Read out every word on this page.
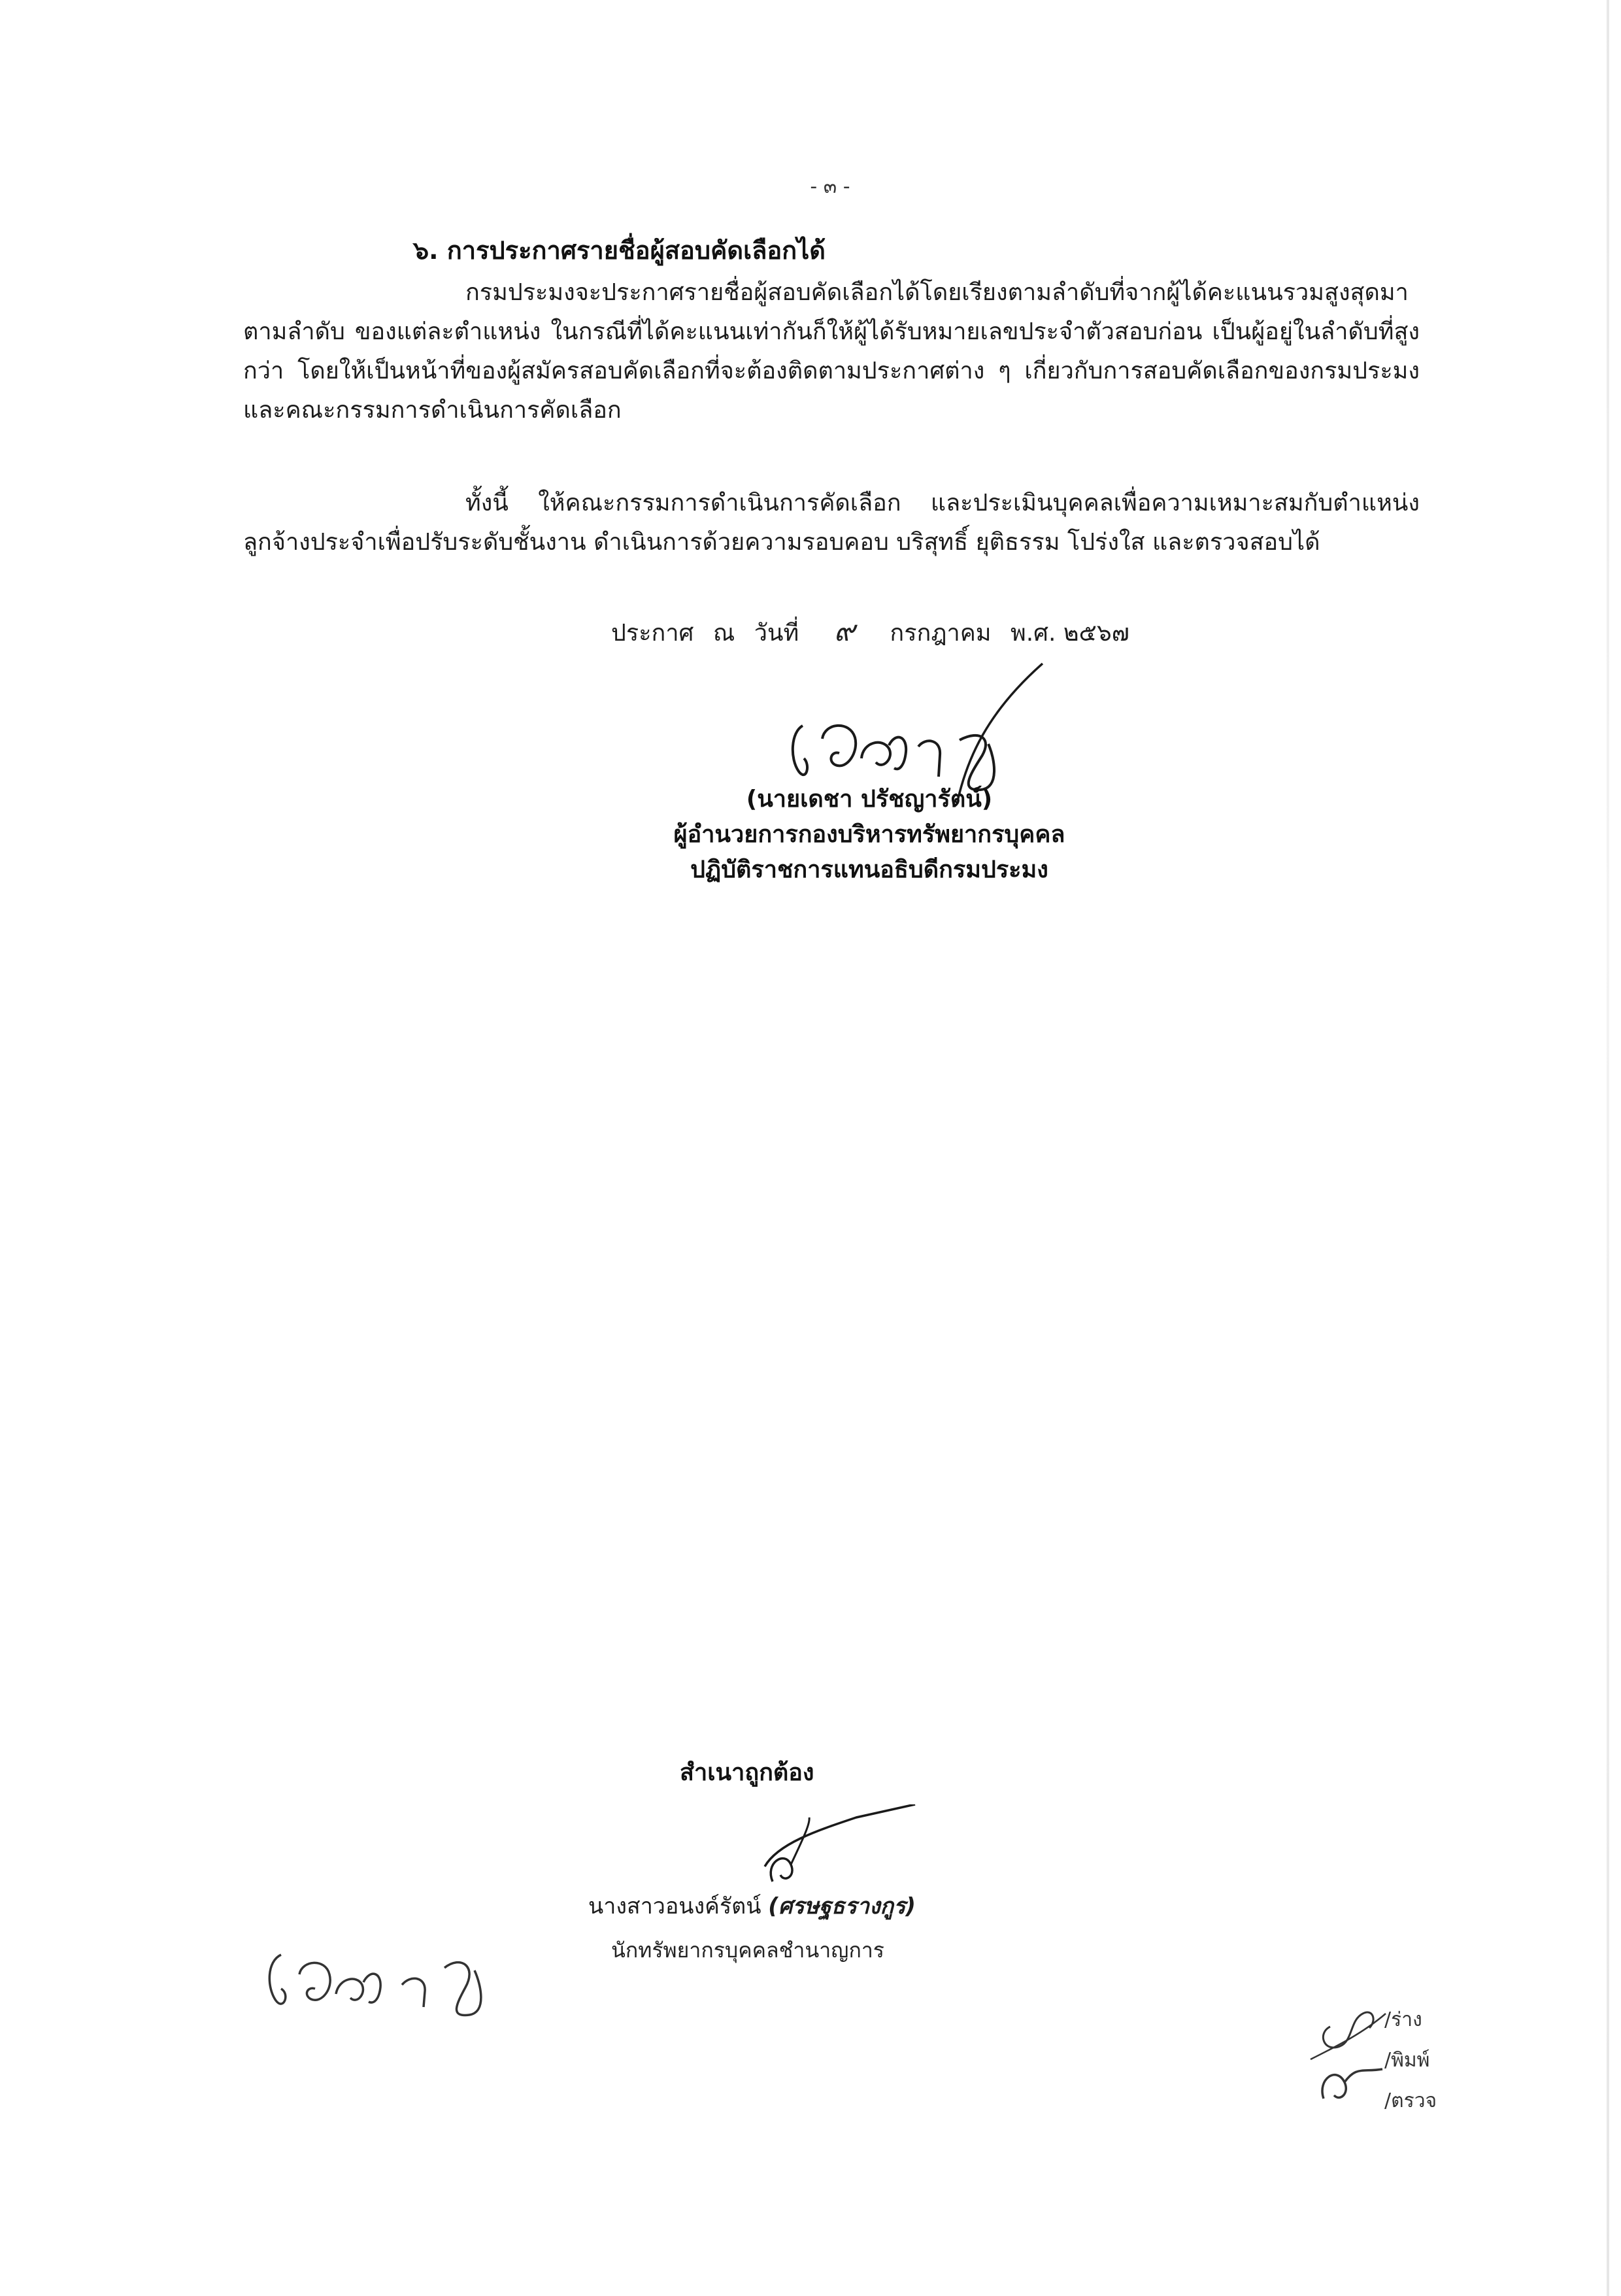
- ๓ -
๖. การประกาศรายชื่อผู้สอบคัดเลือกได้
กรมประมงจะประกาศรายชื่อผู้สอบคัดเลือกได้โดยเรียงตามลำดับที่จากผู้ได้คะแนนรวมสูงสุดมาตามลำดับ ของแต่ละตำแหน่ง ในกรณีที่ได้คะแนนเท่ากันก็ให้ผู้ได้รับหมายเลขประจำตัวสอบก่อน เป็นผู้อยู่ในลำดับที่สูงกว่า โดยให้เป็นหน้าที่ของผู้สมัครสอบคัดเลือกที่จะต้องติดตามประกาศต่าง ๆ เกี่ยวกับการสอบคัดเลือกของกรมประมง และคณะกรรมการดำเนินการคัดเลือก
ทั้งนี้ ให้คณะกรรมการดำเนินการคัดเลือก และประเมินบุคคลเพื่อความเหมาะสมกับตำแหน่งลูกจ้างประจำเพื่อปรับระดับชั้นงาน ดำเนินการด้วยความรอบคอบ บริสุทธิ์ ยุติธรรม โปร่งใส และตรวจสอบได้
ประกาศ ณ วันที่ ๙ กรกฎาคม พ.ศ. ๒๕๖๗
(นายเดชา ปรัชญารัตน์)
ผู้อำนวยการกองบริหารทรัพยากรบุคคล
ปฏิบัติราชการแทนอธิบดีกรมประมง
สำเนาถูกต้อง
นางสาวอนงค์รัตน์ (ศรษฐธรางกูร)
นักทรัพยากรบุคคลชำนาญการ
/ร่าง
/พิมพ์
/ตรวจ
